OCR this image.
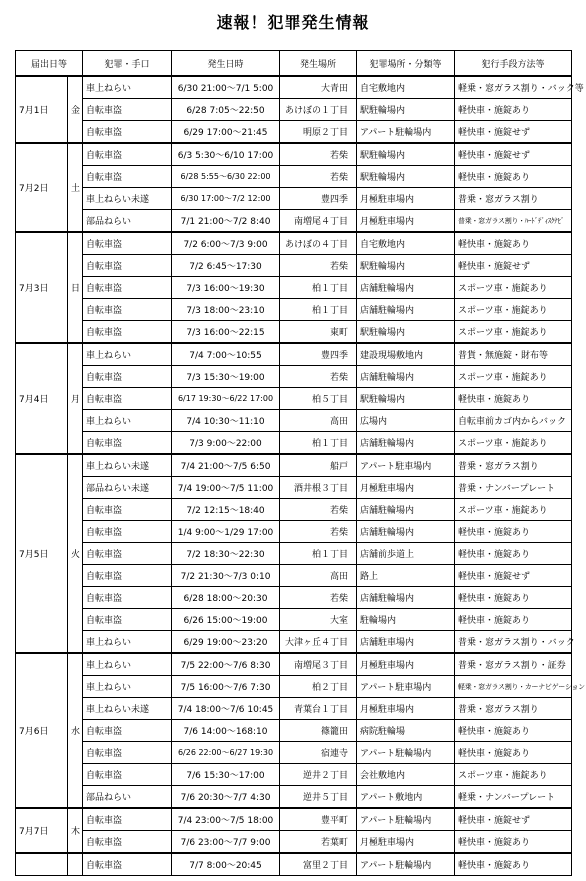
速報！犯罪発生情報
届出日等		犯罪・手口	発生日時	発生場所	犯罪場所・分類等	犯行手段方法等
7月1日	金	車上ねらい	6/30 21:00～7/1 5:00	大青田	自宅敷地内	軽乗・窓ガラス割り・バック等
		自転車盗	6/28 7:05～22:50	あけぼの１丁目	駅駐輪場内	軽快車・施錠あり
		自転車盗	6/29 17:00～21:45	明原２丁目	アパート駐輪場内	軽快車・施錠せず
7月2日	土	自転車盗	6/3 5:30～6/10 17:00	若柴	駅駐輪場内	軽快車・施錠せず
		自転車盗	6/28 5:55～6/30 22:00	若柴	駅駐輪場内	軽快車・施錠あり
		車上ねらい未遂	6/30 17:00～7/2 12:00	豊四季	月極駐車場内	普乗・窓ガラス割り
		部品ねらい	7/1 21:00～7/2 8:40	南増尾４丁目	月極駐車場内	普乗・窓ガラス割り・ﾊｰﾄﾞﾃﾞｨｽｸﾅﾋﾞ
7月3日	日	自転車盗	7/2 6:00～7/3 9:00	あけぼの４丁目	自宅敷地内	軽快車・施錠あり
		自転車盗	7/2 6:45～17:30	若柴	駅駐輪場内	軽快車・施錠せず
		自転車盗	7/3 16:00～19:30	柏１丁目	店舗駐輪場内	スポーツ車・施錠あり
		自転車盗	7/3 18:00～23:10	柏１丁目	店舗駐輪場内	スポーツ車・施錠あり
		自転車盗	7/3 16:00～22:15	東町	駅駐輪場内	スポーツ車・施錠あり
7月4日	月	車上ねらい	7/4 7:00～10:55	豊四季	建設現場敷地内	普貨・無施錠・財布等
		自転車盗	7/3 15:30～19:00	若柴	店舗駐輪場内	スポーツ車・施錠あり
		自転車盗	6/17 19:30～6/22 17:00	柏５丁目	駅駐輪場内	軽快車・施錠あり
		車上ねらい	7/4 10:30～11:10	高田	広場内	自転車前カゴ内からバック
		自転車盗	7/3 9:00～22:00	柏１丁目	店舗駐輪場内	スポーツ車・施錠あり
7月5日	火	車上ねらい未遂	7/4 21:00～7/5 6:50	船戸	アパート駐車場内	普乗・窓ガラス割り
		部品ねらい未遂	7/4 19:00～7/5 11:00	酒井根３丁目	月極駐車場内	普乗・ナンバープレート
		自転車盗	7/2 12:15～18:40	若柴	店舗駐輪場内	スポーツ車・施錠あり
		自転車盗	1/4 9:00～1/29 17:00	若柴	店舗駐輪場内	軽快車・施錠あり
		自転車盗	7/2 18:30～22:30	柏１丁目	店舗前歩道上	軽快車・施錠あり
		自転車盗	7/2 21:30～7/3 0:10	高田	路上	軽快車・施錠せず
		自転車盗	6/28 18:00～20:30	若柴	店舗駐輪場内	軽快車・施錠あり
		自転車盗	6/26 15:00～19:00	大室	駐輪場内	軽快車・施錠あり
		車上ねらい	6/29 19:00～23:20	大津ヶ丘４丁目	店舗駐車場内	普乗・窓ガラス割り・バック
7月6日	水	車上ねらい	7/5 22:00～7/6 8:30	南増尾３丁目	月極駐車場内	普乗・窓ガラス割り・証券
		車上ねらい	7/5 16:00～7/6 7:30	柏２丁目	アパート駐車場内	軽乗・窓ガラス割り・カーナビゲーション
		車上ねらい未遂	7/4 18:00～7/6 10:45	青葉台１丁目	月極駐車場内	普乗・窓ガラス割り
		自転車盗	7/6 14:00～168:10	篠籠田	病院駐輪場	軽快車・施錠あり
		自転車盗	6/26 22:00～6/27 19:30	宿連寺	アパート駐輪場内	軽快車・施錠あり
		自転車盗	7/6 15:30～17:00	逆井２丁目	会社敷地内	スポーツ車・施錠あり
		部品ねらい	7/6 20:30～7/7 4:30	逆井５丁目	アパート敷地内	軽乗・ナンバープレート
7月7日	木	自転車盗	7/4 23:00～7/5 18:00	豊平町	アパート駐輪場内	軽快車・施錠せず
		自転車盗	7/6 23:00～7/7 9:00	若葉町	月極駐車場内	軽快車・施錠あり
		自転車盗	7/7 8:00～20:45	富里２丁目	アパート駐輪場内	軽快車・施錠あり
